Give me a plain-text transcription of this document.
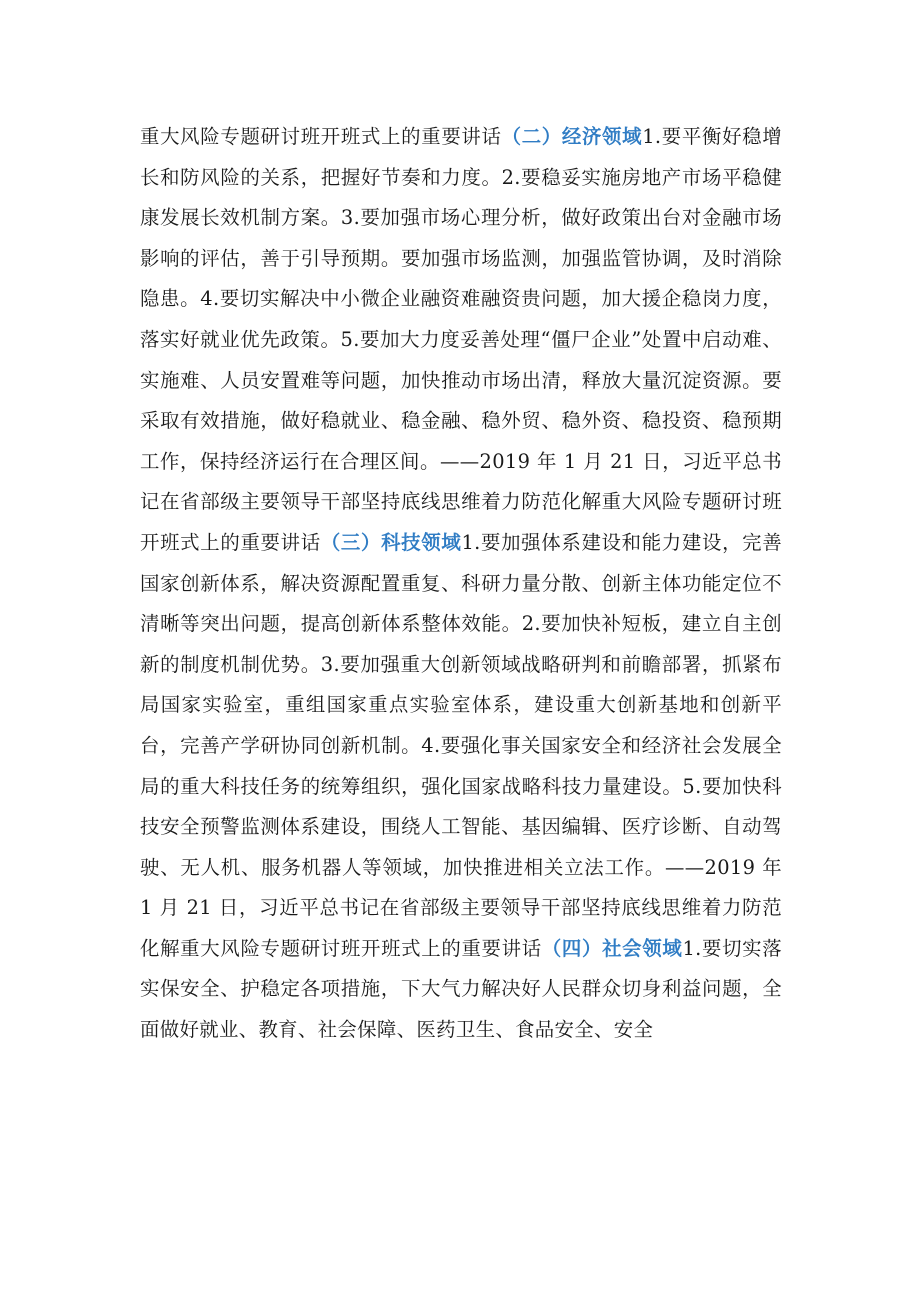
重大风险专题研讨班开班式上的重要讲话（二）经济领域1.要平衡好稳增长和防风险的关系，把握好节奏和力度。2.要稳妥实施房地产市场平稳健康发展长效机制方案。3.要加强市场心理分析，做好政策出台对金融市场影响的评估，善于引导预期。要加强市场监测，加强监管协调，及时消除隐患。4.要切实解决中小微企业融资难融资贵问题，加大援企稳岗力度，落实好就业优先政策。5.要加大力度妥善处理“僵尸企业”处置中启动难、实施难、人员安置难等问题，加快推动市场出清，释放大量沉淀资源。要采取有效措施，做好稳就业、稳金融、稳外贸、稳外资、稳投资、稳预期工作，保持经济运行在合理区间。——2019 年 1 月 21 日，习近平总书记在省部级主要领导干部坚持底线思维着力防范化解重大风险专题研讨班开班式上的重要讲话（三）科技领域1.要加强体系建设和能力建设，完善国家创新体系，解决资源配置重复、科研力量分散、创新主体功能定位不清晰等突出问题，提高创新体系整体效能。2.要加快补短板，建立自主创新的制度机制优势。3.要加强重大创新领域战略研判和前瞻部署，抓紧布局国家实验室，重组国家重点实验室体系，建设重大创新基地和创新平台，完善产学研协同创新机制。4.要强化事关国家安全和经济社会发展全局的重大科技任务的统筹组织，强化国家战略科技力量建设。5.要加快科技安全预警监测体系建设，围绕人工智能、基因编辑、医疗诊断、自动驾驶、无人机、服务机器人等领域，加快推进相关立法工作。——2019 年 1 月 21 日，习近平总书记在省部级主要领导干部坚持底线思维着力防范化解重大风险专题研讨班开班式上的重要讲话（四）社会领域1.要切实落实保安全、护稳定各项措施，下大气力解决好人民群众切身利益问题，全面做好就业、教育、社会保障、医药卫生、食品安全、安全
